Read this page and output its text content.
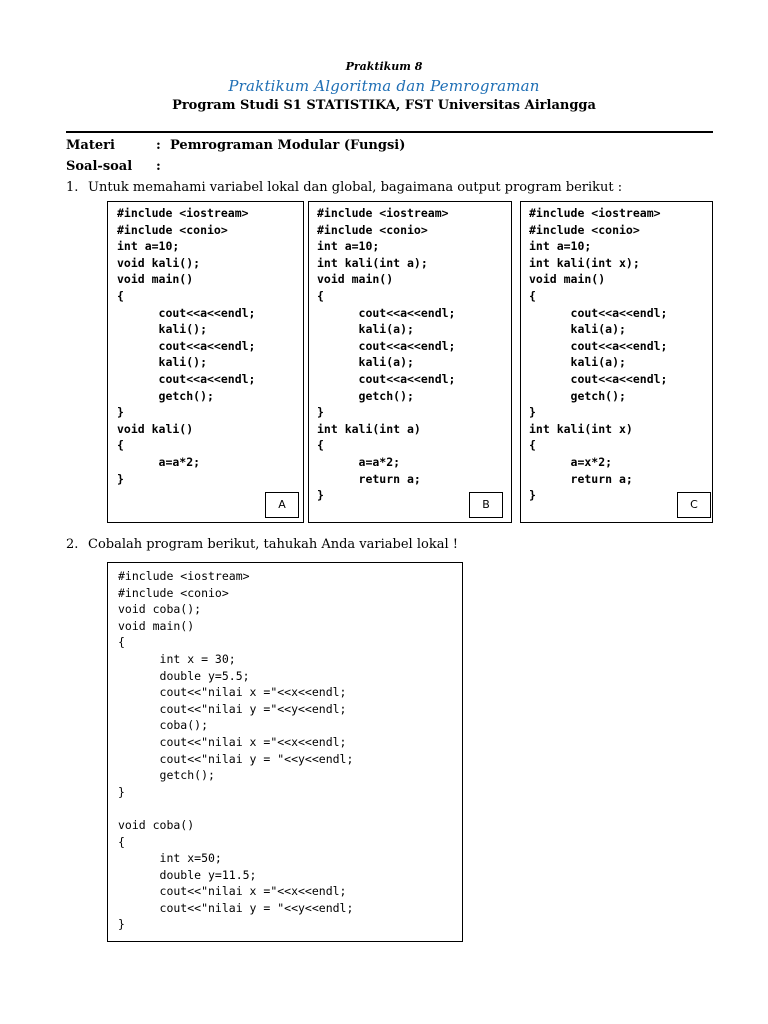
Praktikum 8
Praktikum Algoritma dan Pemrograman
Program Studi S1 STATISTIKA, FST Universitas Airlangga
Materi	: Pemrograman Modular (Fungsi)
Soal-soal :
1. Untuk memahami variabel lokal dan global, bagaimana output program berikut :
#include <iostream>
#include <conio>
int a=10;
void kali();
void main()
{
cout<<a<<endl;
kali();
cout<<a<<endl;
kali();
cout<<a<<endl;
getch();
}
void kali()
{
a=a*2;
}
A
#include <iostream>
#include <conio>
int a=10;
int kali(int a);
void main()
{
cout<<a<<endl;
kali(a);
cout<<a<<endl;
kali(a);
cout<<a<<endl;
getch();
}
int kali(int a)
{
a=a*2;
return a;
}
B
#include <iostream>
#include <conio>
int a=10;
int kali(int x);
void main()
{
cout<<a<<endl;
kali(a);
cout<<a<<endl;
kali(a);
cout<<a<<endl;
getch();
}
int kali(int x)
{
a=x*2;
return a;
}
C
2. Cobalah program berikut, tahukah Anda variabel lokal !
#include <iostream>
#include <conio>
void coba();
void main()
{
int x = 30;
double y=5.5;
cout<<"nilai x ="<<x<<endl;
cout<<"nilai y ="<<y<<endl;
coba();
cout<<"nilai x ="<<x<<endl;
cout<<"nilai y = "<<y<<endl;
getch();
}

void coba()
{
int x=50;
double y=11.5;
cout<<"nilai x ="<<x<<endl;
cout<<"nilai y = "<<y<<endl;
}
